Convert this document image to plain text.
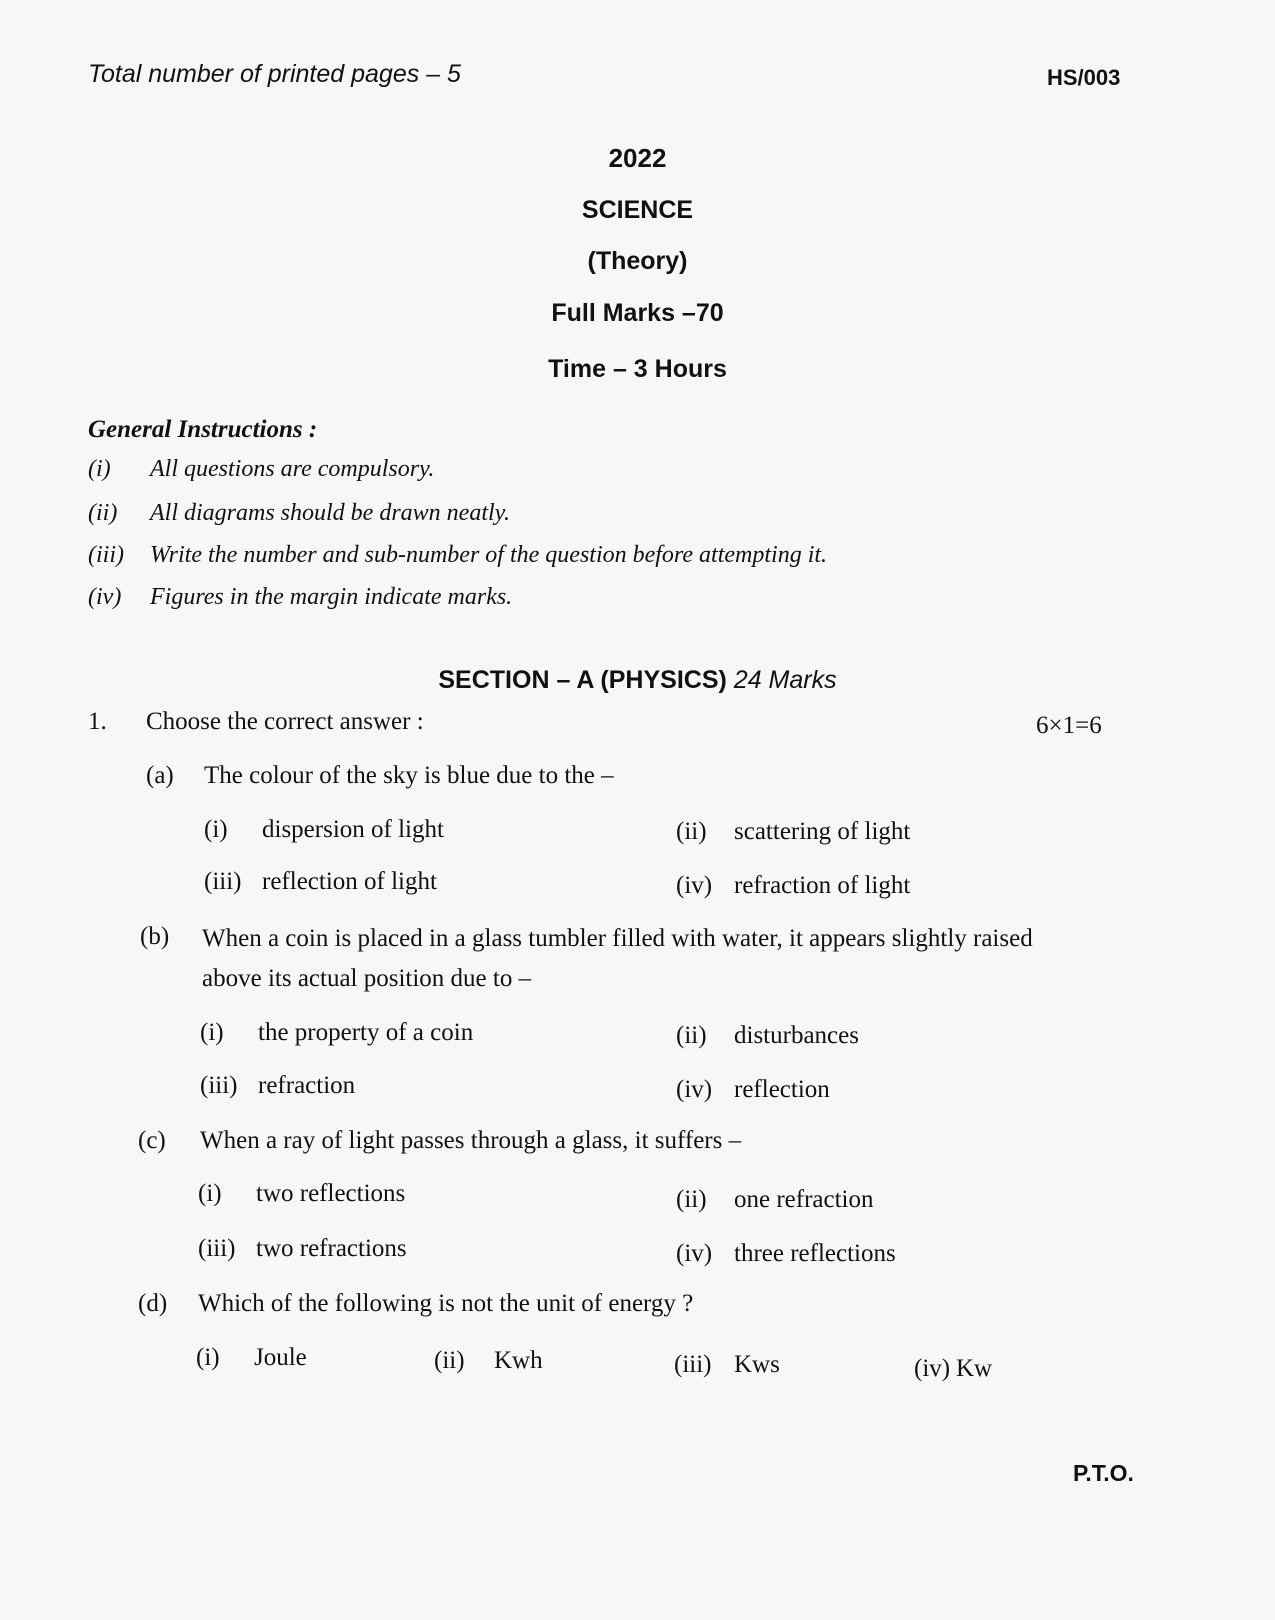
Total number of printed pages – 5	HS/003
2022
SCIENCE
(Theory)
Full Marks –70
Time – 3 Hours
General Instructions :
(i) All questions are compulsory.
(ii) All diagrams should be drawn neatly.
(iii) Write the number and sub-number of the question before attempting it.
(iv) Figures in the margin indicate marks.
SECTION – A (PHYSICS) 24 Marks
1. Choose the correct answer :	6×1=6
(a) The colour of the sky is blue due to the –
(i) dispersion of light	(ii) scattering of light
(iii) reflection of light	(iv) refraction of light
(b) When a coin is placed in a glass tumbler filled with water, it appears slightly raised
above its actual position due to –
(i) the property of a coin	(ii) disturbances
(iii) refraction	(iv) reflection
(c) When a ray of light passes through a glass, it suffers –
(i) two reflections	(ii) one refraction
(iii) two refractions	(iv) three reflections
(d) Which of the following is not the unit of energy ?
(i) Joule	(ii) Kwh	(iii) Kws	(iv) Kw
P.T.O.
